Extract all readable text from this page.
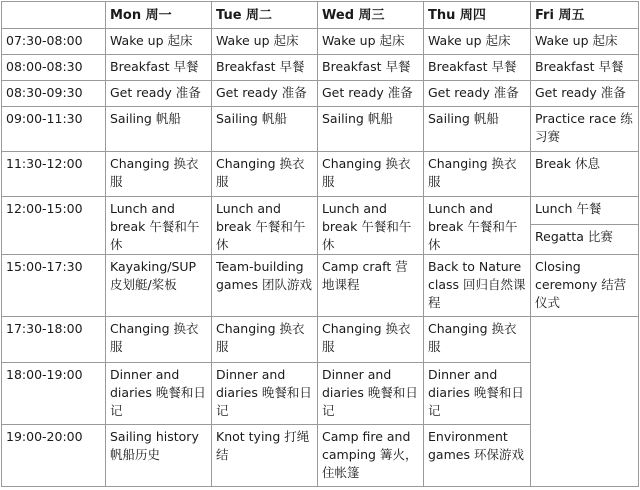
	Mon 周一	Tue 周二	Wed 周三	Thu 周四	Fri 周五
07:30-08:00	Wake up 起床	Wake up 起床	Wake up 起床	Wake up 起床	Wake up 起床
08:00-08:30	Breakfast 早餐	Breakfast 早餐	Breakfast 早餐	Breakfast 早餐	Breakfast 早餐
08:30-09:30	Get ready 准备	Get ready 准备	Get ready 准备	Get ready 准备	Get ready 准备
09:00-11:30	Sailing 帆船	Sailing 帆船	Sailing 帆船	Sailing 帆船	Practice race 练习赛
11:30-12:00	Changing 换衣服	Changing 换衣服	Changing 换衣服	Changing 换衣服	Break 休息
12:00-15:00	Lunch and break 午餐和午休	Lunch and break 午餐和午休	Lunch and break 午餐和午休	Lunch and break 午餐和午休	Lunch 午餐
					Regatta 比赛
15:00-17:30	Kayaking/SUP 皮划艇/桨板	Team-building games 团队游戏	Camp craft 营地课程	Back to Nature class 回归自然课程	Closing ceremony 结营仪式
17:30-18:00	Changing 换衣服	Changing 换衣服	Changing 换衣服	Changing 换衣服	
18:00-19:00	Dinner and diaries 晚餐和日记	Dinner and diaries 晚餐和日记	Dinner and diaries 晚餐和日记	Dinner and diaries 晚餐和日记	
19:00-20:00	Sailing history 帆船历史	Knot tying 打绳结	Camp fire and camping 篝火，住帐篷	Environment games 环保游戏	
